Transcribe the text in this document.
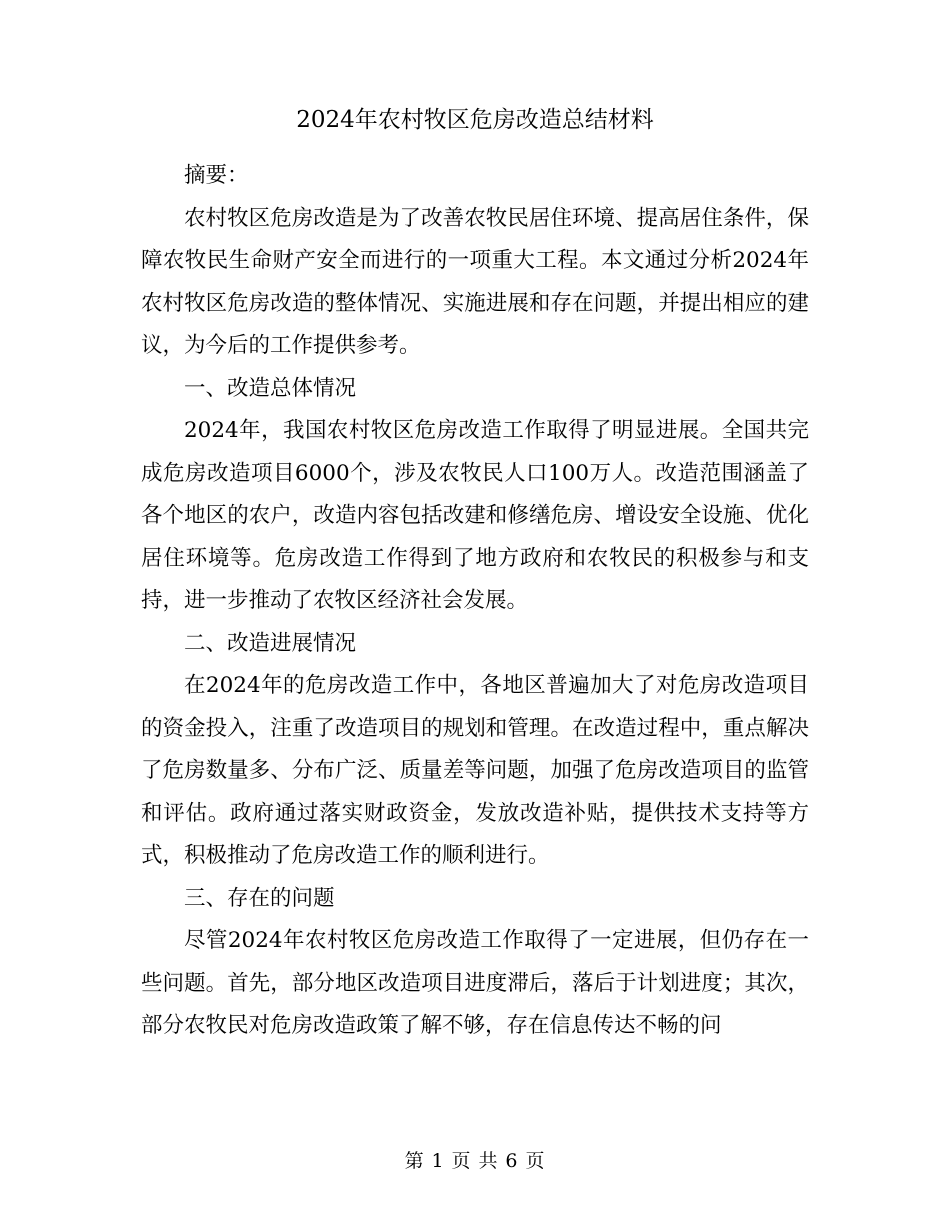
2024年农村牧区危房改造总结材料

摘要：

农村牧区危房改造是为了改善农牧民居住环境、提高居住条件，保障农牧民生命财产安全而进行的一项重大工程。本文通过分析2024年农村牧区危房改造的整体情况、实施进展和存在问题，并提出相应的建议，为今后的工作提供参考。

一、改造总体情况

2024年，我国农村牧区危房改造工作取得了明显进展。全国共完成危房改造项目6000个，涉及农牧民人口100万人。改造范围涵盖了各个地区的农户，改造内容包括改建和修缮危房、增设安全设施、优化居住环境等。危房改造工作得到了地方政府和农牧民的积极参与和支持，进一步推动了农牧区经济社会发展。

二、改造进展情况

在2024年的危房改造工作中，各地区普遍加大了对危房改造项目的资金投入，注重了改造项目的规划和管理。在改造过程中，重点解决了危房数量多、分布广泛、质量差等问题，加强了危房改造项目的监管和评估。政府通过落实财政资金，发放改造补贴，提供技术支持等方式，积极推动了危房改造工作的顺利进行。

三、存在的问题

尽管2024年农村牧区危房改造工作取得了一定进展，但仍存在一些问题。首先，部分地区改造项目进度滞后，落后于计划进度；其次，部分农牧民对危房改造政策了解不够，存在信息传达不畅的问

第 1 页 共 6 页
